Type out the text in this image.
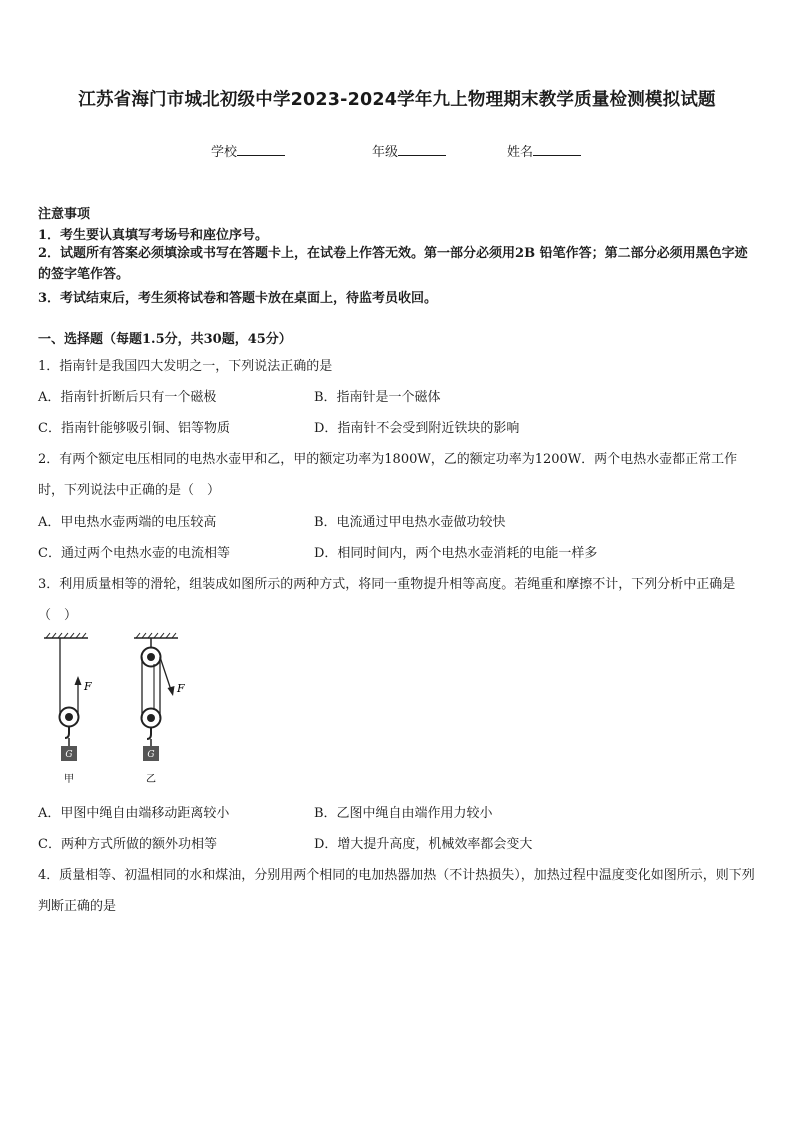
江苏省海门市城北初级中学2023-2024学年九上物理期末教学质量检测模拟试题
学校	年级	姓名
注意事项
1．考生要认真填写考场号和座位序号。
2．试题所有答案必须填涂或书写在答题卡上，在试卷上作答无效。第一部分必须用2B 铅笔作答；第二部分必须用黑色字迹的签字笔作答。
3．考试结束后，考生须将试卷和答题卡放在桌面上，待监考员收回。
一、选择题（每题1.5分，共30题，45分）
1．指南针是我国四大发明之一，下列说法正确的是
A．指南针折断后只有一个磁极	B．指南针是一个磁体
C．指南针能够吸引铜、铝等物质	D．指南针不会受到附近铁块的影响
2．有两个额定电压相同的电热水壶甲和乙，甲的额定功率为1800W，乙的额定功率为1200W．两个电热水壶都正常工作时，下列说法中正确的是（　）
A．甲电热水壶两端的电压较高	B．电流通过甲电热水壶做功较快
C．通过两个电热水壶的电流相等	D．相同时间内，两个电热水壶消耗的电能一样多
3．利用质量相等的滑轮，组装成如图所示的两种方式，将同一重物提升相等高度。若绳重和摩擦不计，下列分析中正确是（　）
F
G
甲
F
G
乙
A．甲图中绳自由端移动距离较小	B．乙图中绳自由端作用力较小
C．两种方式所做的额外功相等	D．增大提升高度，机械效率都会变大
4．质量相等、初温相同的水和煤油，分别用两个相同的电加热器加热（不计热损失），加热过程中温度变化如图所示，则下列判断正确的是
